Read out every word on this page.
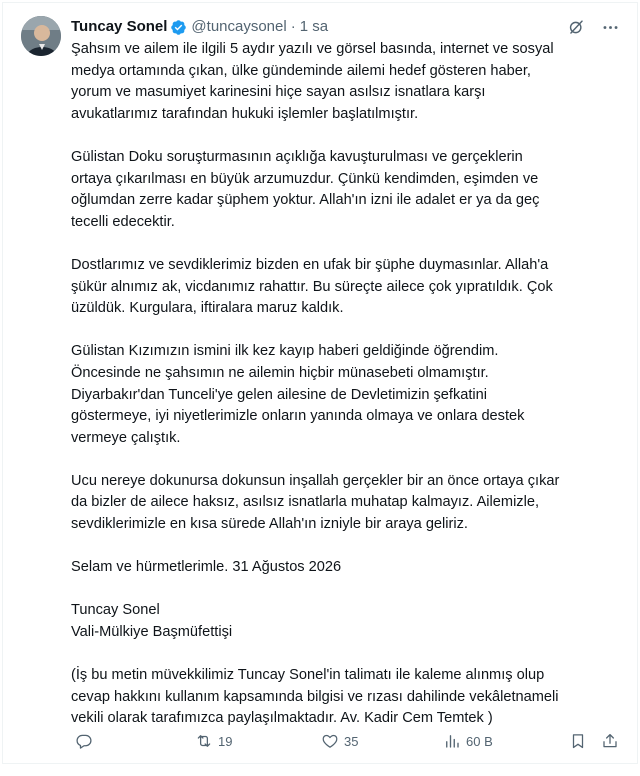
Tuncay Sonel @tuncaysonel · 1 sa
Şahsım ve ailem ile ilgili 5 aydır yazılı ve görsel basında, internet ve sosyal
medya ortamında çıkan, ülke gündeminde ailemi hedef gösteren haber,
yorum ve masumiyet karinesini hiçe sayan asılsız isnatlara karşı
avukatlarımız tarafından hukuki işlemler başlatılmıştır.
Gülistan Doku soruşturmasının açıklığa kavuşturulması ve gerçeklerin
ortaya çıkarılması en büyük arzumuzdur. Çünkü kendimden, eşimden ve
oğlumdan zerre kadar şüphem yoktur. Allah'ın izni ile adalet er ya da geç
tecelli edecektir.
Dostlarımız ve sevdiklerimiz bizden en ufak bir şüphe duymasınlar. Allah'a
şükür alnımız ak, vicdanımız rahattır. Bu süreçte ailece çok yıpratıldık. Çok
üzüldük. Kurgulara, iftiralara maruz kaldık.
Gülistan Kızımızın ismini ilk kez kayıp haberi geldiğinde öğrendim.
Öncesinde ne şahsımın ne ailemin hiçbir münasebeti olmamıştır.
Diyarbakır'dan Tunceli'ye gelen ailesine de Devletimizin şefkatini
göstermeye, iyi niyetlerimizle onların yanında olmaya ve onlara destek
vermeye çalıştık.
Ucu nereye dokunursa dokunsun inşallah gerçekler bir an önce ortaya çıkar
da bizler de ailece haksız, asılsız isnatlarla muhatap kalmayız. Ailemizle,
sevdiklerimizle en kısa sürede Allah'ın izniyle bir araya geliriz.
Selam ve hürmetlerimle. 31 Ağustos 2026
Tuncay Sonel
Vali-Mülkiye Başmüfettişi
(İş bu metin müvekkilimiz Tuncay Sonel'in talimatı ile kaleme alınmış olup
cevap hakkını kullanım kapsamında bilgisi ve rızası dahilinde vekâletnameli
vekili olarak tarafımızca paylaşılmaktadır. Av. Kadir Cem Temtek )
19	35	60 B
